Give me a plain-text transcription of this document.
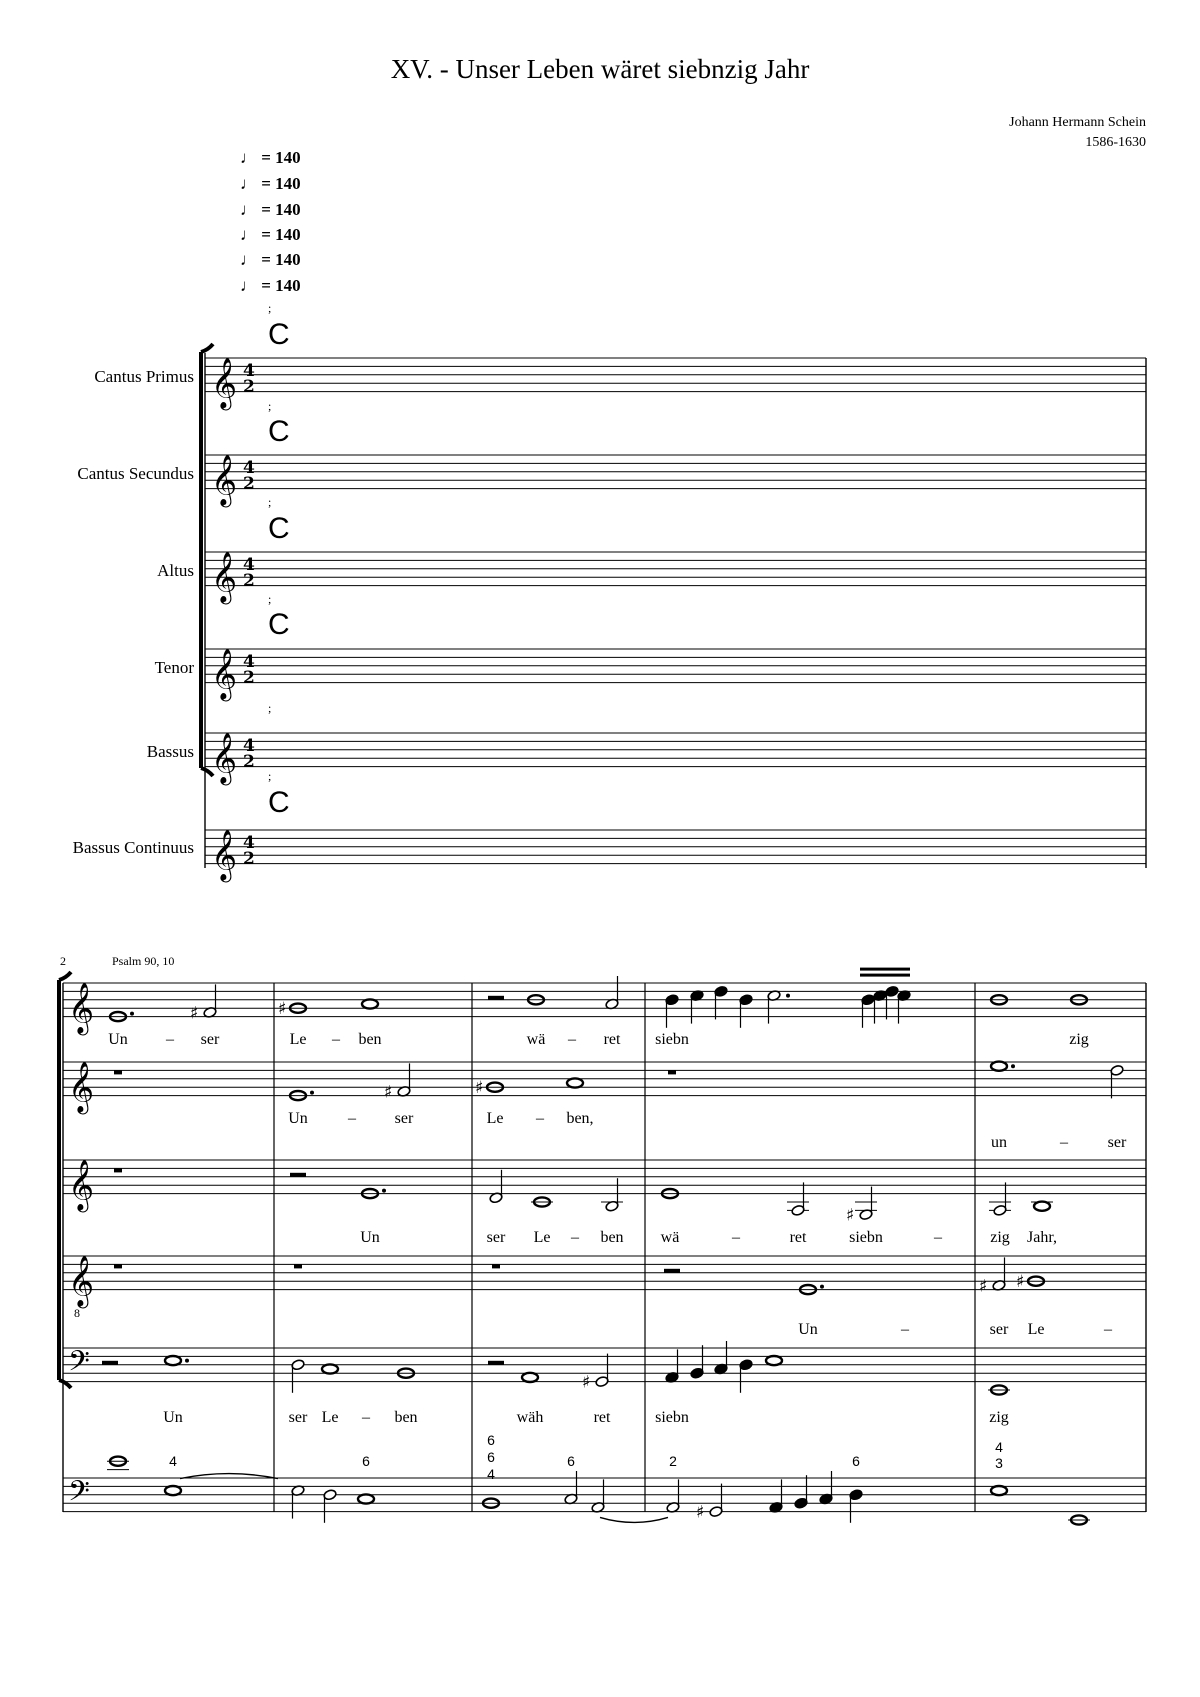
XV. - Unser Leben wäret siebnzig Jahr
Johann Hermann Schein
1586-1630
♩ = 140
♩ = 140
♩ = 140
♩ = 140
♩ = 140
♩ = 140
𝄞
𝄞
𝄞
𝄞
𝄞
𝄞
Cantus Primus
Cantus Secundus
Altus
Tenor
Bassus
Bassus Continuus
4
2
4
2
4
2
4
2
4
2
4
2
;
C
;
C
;
C
;
C
;
;
C
𝄞
𝄞
𝄞
𝄞
𝄢
𝄢
2	Psalm 90, 10
8
♯	♯
♯	♯
♯
♯ ♯
♯
♯
Un – ser	Le – ben	wä – ret siebn	zig
Un	– ser	Le – ben,
un	– ser
Un	ser Le – ben wä	–	ret	siebn	–	zig Jahr,
Un	–	ser Le	–
Un	ser Le – ben	wäh	ret	siebn	zig
4	6
6
6
4
6	2	6
4
3
